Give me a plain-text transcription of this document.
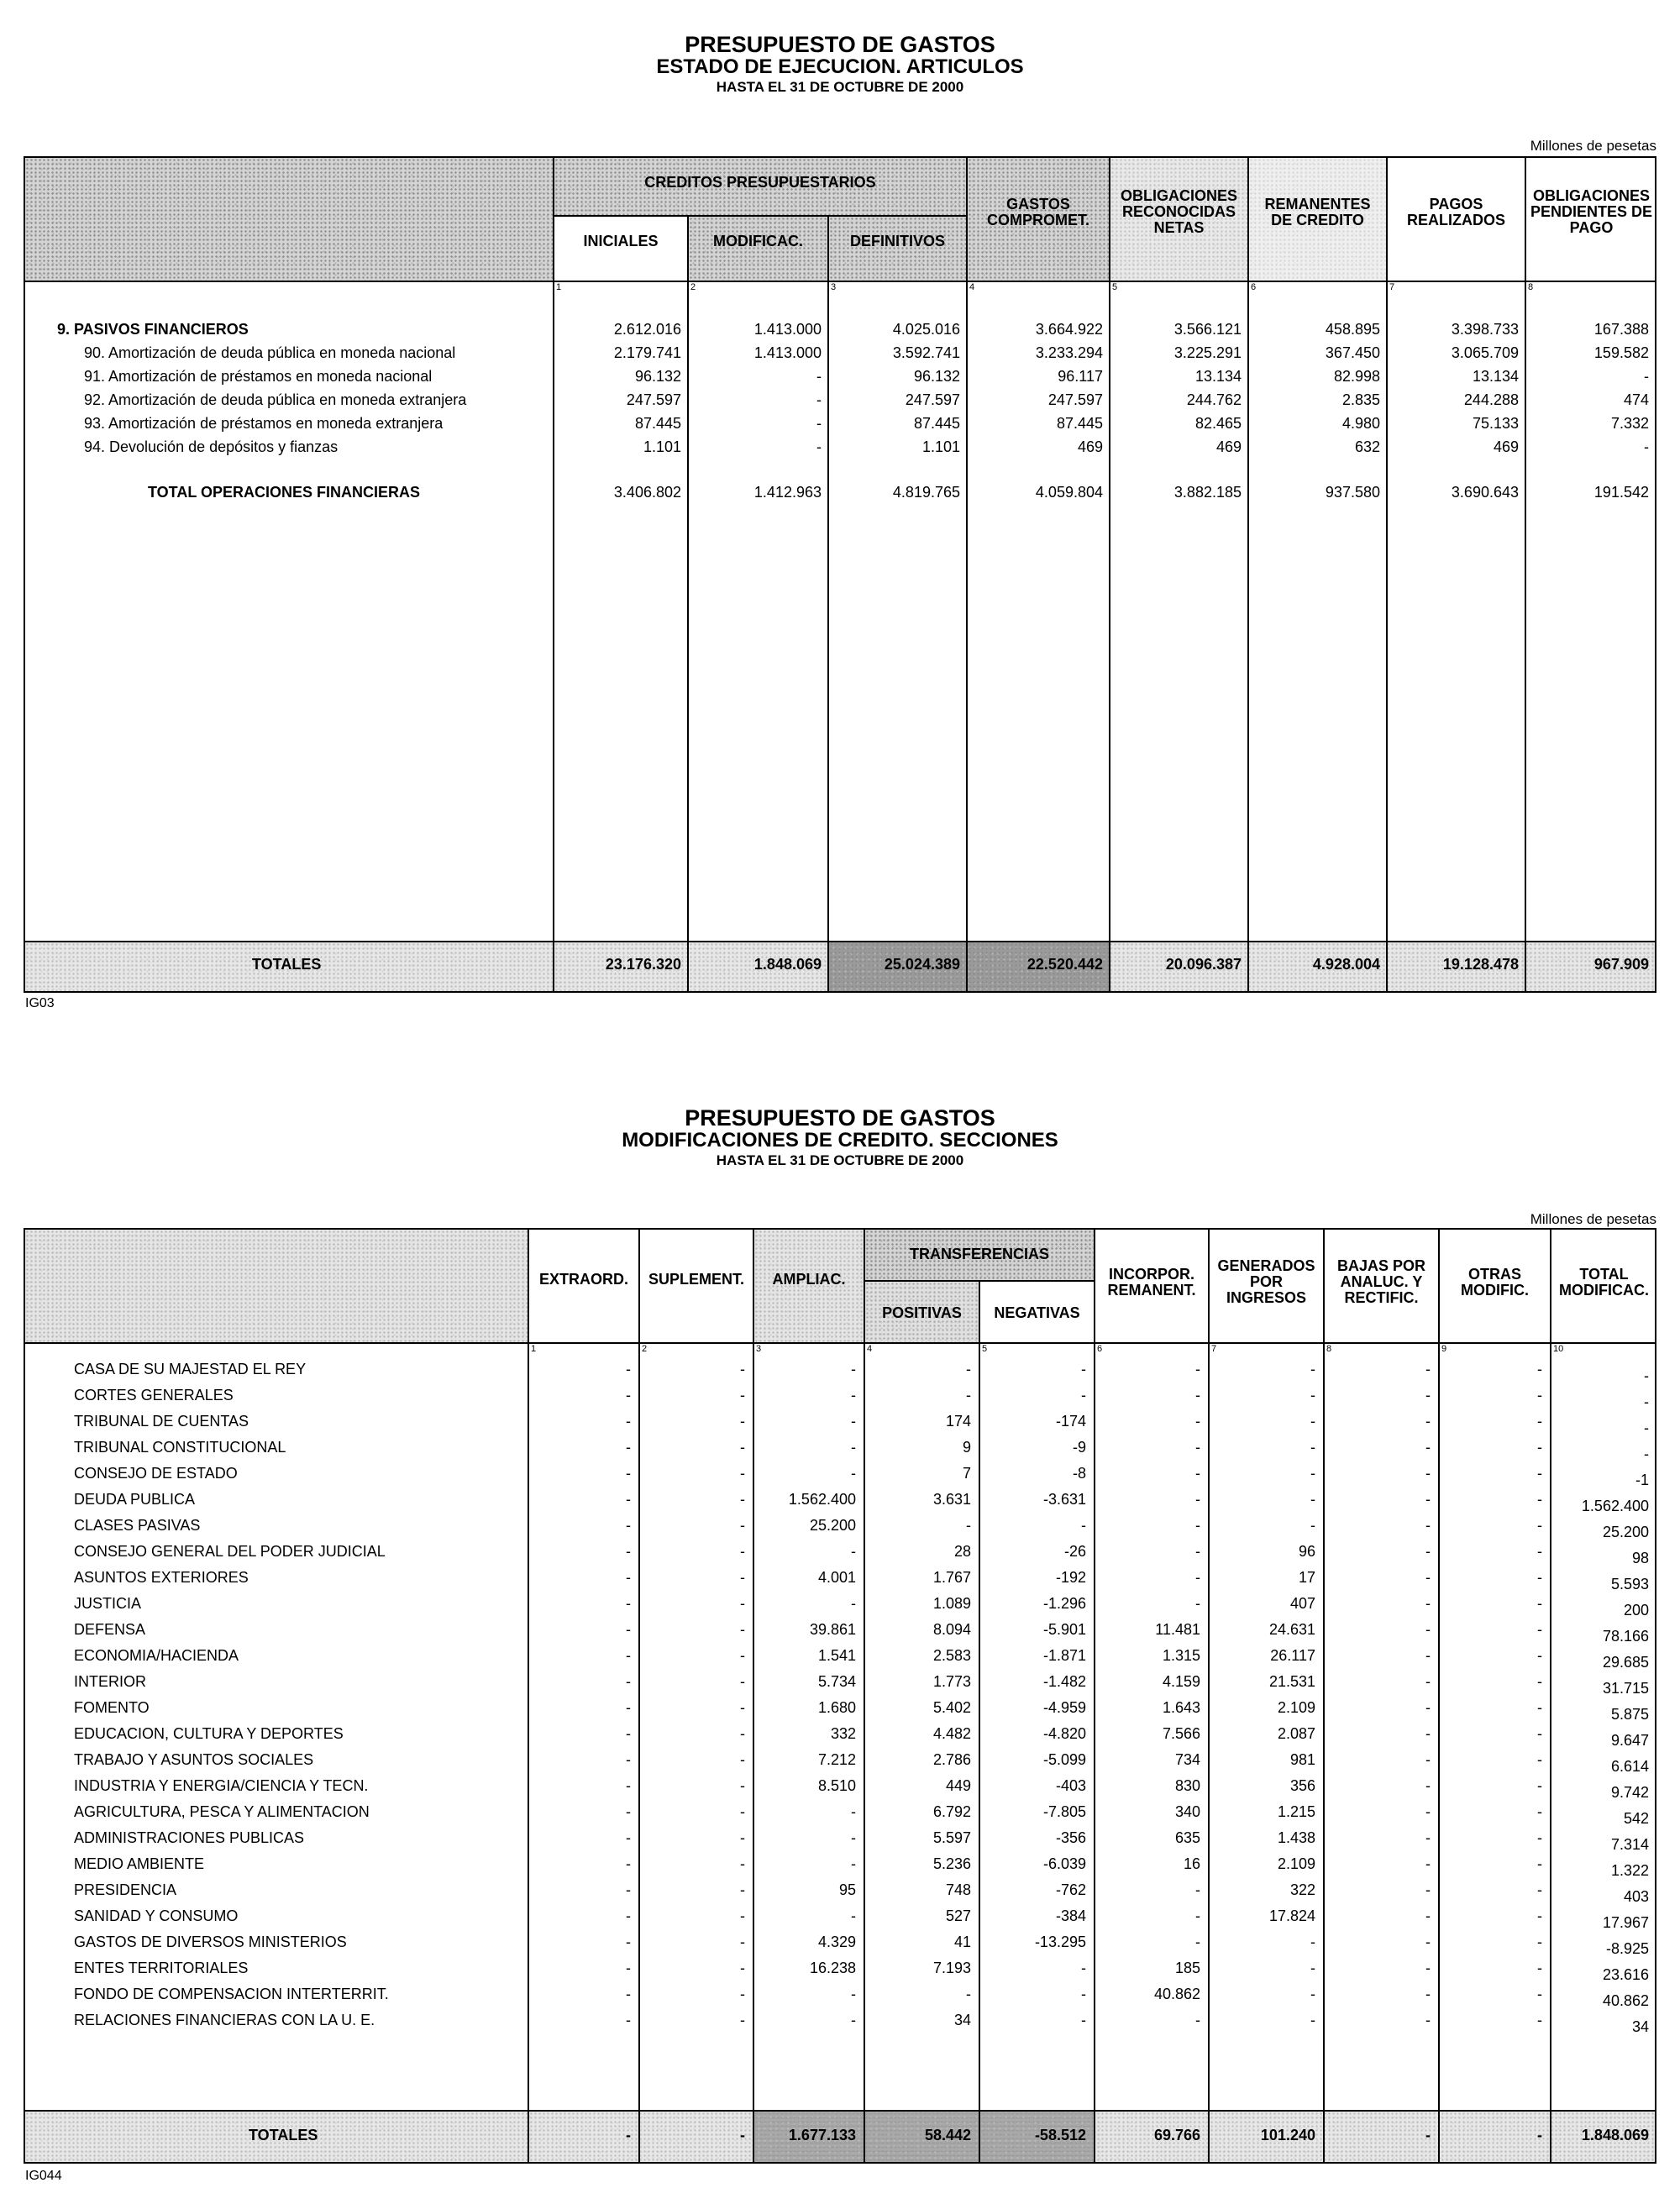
PRESUPUESTO DE GASTOS
ESTADO DE EJECUCION. ARTICULOS
HASTA EL 31 DE OCTUBRE DE 2000
Millones de pesetas
CREDITOS PRESUPUESTARIOS
INICIALES	MODIFICAC.	DEFINITIVOS
GASTOS
COMPROMET.
OBLIGACIONES
RECONOCIDAS
NETAS
REMANENTES
DE CREDITO
PAGOS
REALIZADOS
OBLIGACIONES
PENDIENTES DE
PAGO
1	2	3	4	5	6	7	8
9. PASIVOS FINANCIEROS	2.612.016	1.413.000	4.025.016	3.664.922	3.566.121	458.895	3.398.733	167.388
90. Amortización de deuda pública en moneda nacional	2.179.741	1.413.000	3.592.741	3.233.294	3.225.291	367.450	3.065.709	159.582
91. Amortización de préstamos en moneda nacional	96.132	-	96.132	96.117	13.134	82.998	13.134	-
92. Amortización de deuda pública en moneda extranjera	247.597	-	247.597	247.597	244.762	2.835	244.288	474
93. Amortización de préstamos en moneda extranjera	87.445	-	87.445	87.445	82.465	4.980	75.133	7.332
94. Devolución de depósitos y fianzas	1.101	-	1.101	469	469	632	469	-
TOTAL OPERACIONES FINANCIERAS	3.406.802	1.412.963	4.819.765	4.059.804	3.882.185	937.580	3.690.643	191.542
TOTALES	23.176.320	1.848.069	25.024.389	22.520.442	20.096.387	4.928.004	19.128.478	967.909
IG03
PRESUPUESTO DE GASTOS
MODIFICACIONES DE CREDITO. SECCIONES
HASTA EL 31 DE OCTUBRE DE 2000
Millones de pesetas
EXTRAORD.	SUPLEMENT.	AMPLIAC.
TRANSFERENCIAS
POSITIVAS	NEGATIVAS
INCORPOR.
REMANENT.
GENERADOS
POR
INGRESOS
BAJAS POR
ANALUC. Y
RECTIFIC.
OTRAS
MODIFIC.
TOTAL
MODIFICAC.
1	2	3	4	5	6	7	8	9	10
CASA DE SU MAJESTAD EL REY	-	-	-	-	-	-	-	-	-	-
CORTES GENERALES	-	-	-	-	-	-	-	-	-	-
TRIBUNAL DE CUENTAS	-	-	-	174	-174	-	-	-	-	-
TRIBUNAL CONSTITUCIONAL	-	-	-	9	-9	-	-	-	-	-
CONSEJO DE ESTADO	-	-	-	7	-8	-	-	-	-	-1
DEUDA PUBLICA	-	-	1.562.400	3.631	-3.631	-	-	-	-	1.562.400
CLASES PASIVAS	-	-	25.200	-	-	-	-	-	-	25.200
CONSEJO GENERAL DEL PODER JUDICIAL	-	-	-	28	-26	-	96	-	-	98
ASUNTOS EXTERIORES	-	-	4.001	1.767	-192	-	17	-	-	5.593
JUSTICIA	-	-	-	1.089	-1.296	-	407	-	-	200
DEFENSA	-	-	39.861	8.094	-5.901	11.481	24.631	-	-	78.166
ECONOMIA/HACIENDA	-	-	1.541	2.583	-1.871	1.315	26.117	-	-	29.685
INTERIOR	-	-	5.734	1.773	-1.482	4.159	21.531	-	-	31.715
FOMENTO	-	-	1.680	5.402	-4.959	1.643	2.109	-	-	5.875
EDUCACION, CULTURA Y DEPORTES	-	-	332	4.482	-4.820	7.566	2.087	-	-	9.647
TRABAJO Y ASUNTOS SOCIALES	-	-	7.212	2.786	-5.099	734	981	-	-	6.614
INDUSTRIA Y ENERGIA/CIENCIA Y TECN.	-	-	8.510	449	-403	830	356	-	-	9.742
AGRICULTURA, PESCA Y ALIMENTACION	-	-	-	6.792	-7.805	340	1.215	-	-	542
ADMINISTRACIONES PUBLICAS	-	-	-	5.597	-356	635	1.438	-	-	7.314
MEDIO AMBIENTE	-	-	-	5.236	-6.039	16	2.109	-	-	1.322
PRESIDENCIA	-	-	95	748	-762	-	322	-	-	403
SANIDAD Y CONSUMO	-	-	-	527	-384	-	17.824	-	-	17.967
GASTOS DE DIVERSOS MINISTERIOS	-	-	4.329	41	-13.295	-	-	-	-	-8.925
ENTES TERRITORIALES	-	-	16.238	7.193	-	185	-	-	-	23.616
FONDO DE COMPENSACION INTERTERRIT.	-	-	-	-	-	40.862	-	-	-	40.862
RELACIONES FINANCIERAS CON LA U. E.	-	-	-	34	-	-	-	-	-	34
TOTALES	-	-	1.677.133	58.442	-58.512	69.766	101.240	-	-	1.848.069
IG044
